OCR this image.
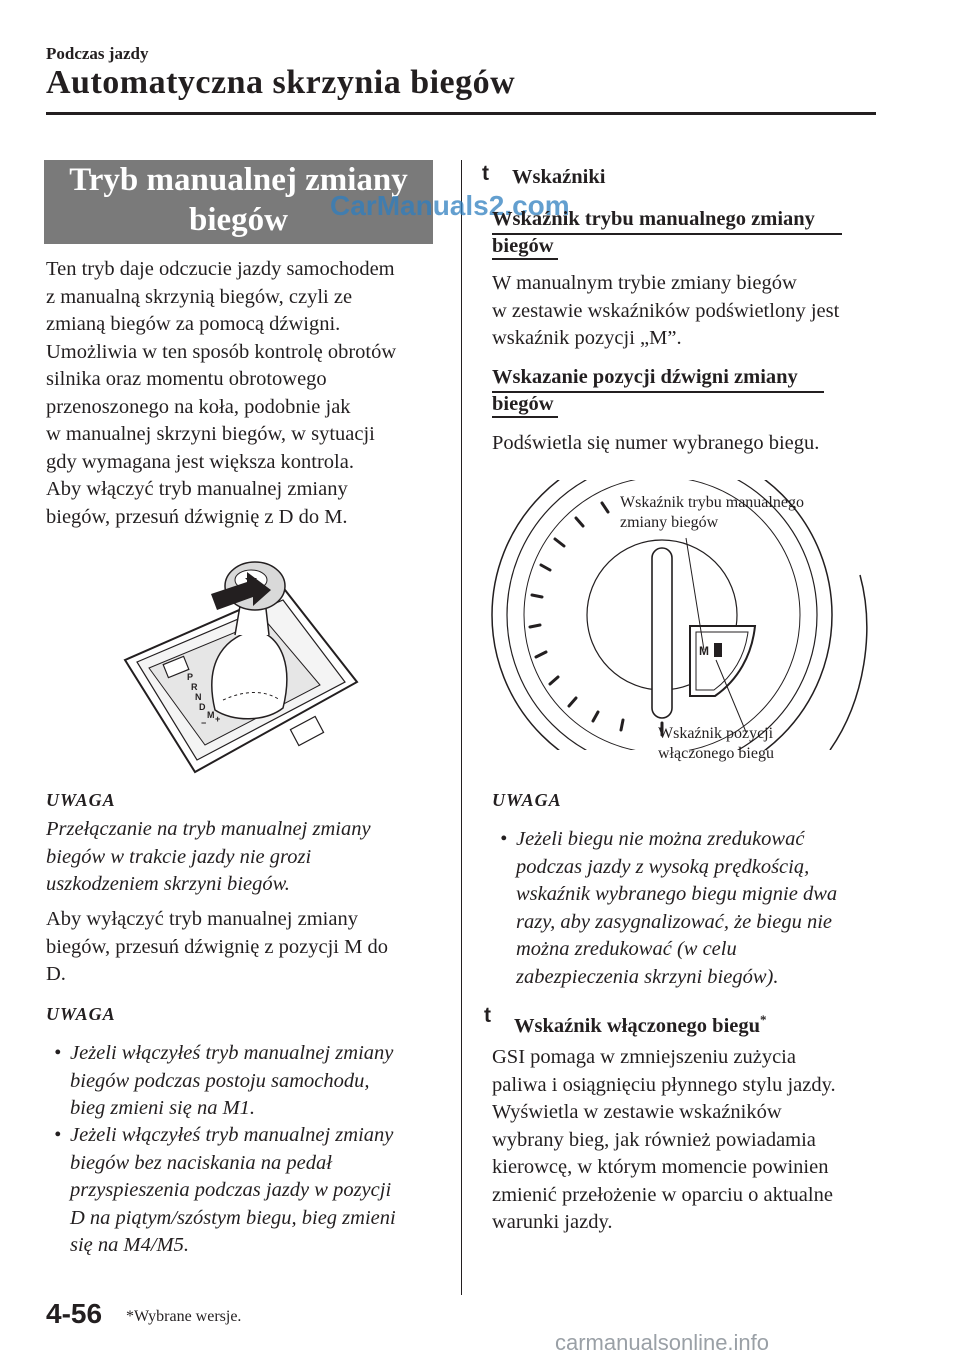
Podczas jazdy
Automatyczna skrzynia biegów
Tryb manualnej zmiany
biegów	CarManuals2.com
Ten tryb daje odczucie jazdy samochodem
z manualną skrzynią biegów, czyli ze
zmianą biegów za pomocą dźwigni.
Umożliwia w ten sposób kontrolę obrotów
silnika oraz momentu obrotowego
przenoszonego na koła, podobnie jak
w manualnej skrzyni biegów, w sytuacji
gdy wymagana jest większa kontrola.
Aby włączyć tryb manualnej zmiany
biegów, przesuń dźwignię z D do M.
P
R
N
D
M +
−
UWAGA
Przełączanie na tryb manualnej zmiany
biegów w trakcie jazdy nie grozi
uszkodzeniem skrzyni biegów.
Aby wyłączyć tryb manualnej zmiany
biegów, przesuń dźwignię z pozycji M do
D.
UWAGA
• Jeżeli włączyłeś tryb manualnej zmiany
biegów podczas postoju samochodu,
bieg zmieni się na M1.
• Jeżeli włączyłeś tryb manualnej zmiany
biegów bez naciskania na pedał
przyspieszenia podczas jazdy w pozycji
D na piątym/szóstym biegu, bieg zmieni
się na M4/M5.
t Wskaźniki
Wskaźnik trybu manualnego zmiany
biegów
W manualnym trybie zmiany biegów
w zestawie wskaźników podświetlony jest
wskaźnik pozycji „M”.
Wskazanie pozycji dźwigni zmiany
biegów
Podświetla się numer wybranego biegu.
M
Wskaźnik trybu manualnego zmiany biegów Wskaźnik pozycji włączonego biegu
UWAGA
• Jeżeli biegu nie można zredukować
podczas jazdy z wysoką prędkością,
wskaźnik wybranego biegu mignie dwa
razy, aby zasygnalizować, że biegu nie
można zredukować (w celu
zabezpieczenia skrzyni biegów).
t Wskaźnik włączonego biegu*
GSI pomaga w zmniejszeniu zużycia
paliwa i osiągnięciu płynnego stylu jazdy.
Wyświetla w zestawie wskaźników
wybrany bieg, jak również powiadamia
kierowcę, w którym momencie powinien
zmienić przełożenie w oparciu o aktualne
warunki jazdy.
4-56 *Wybrane wersje.
carmanualsonline.info
